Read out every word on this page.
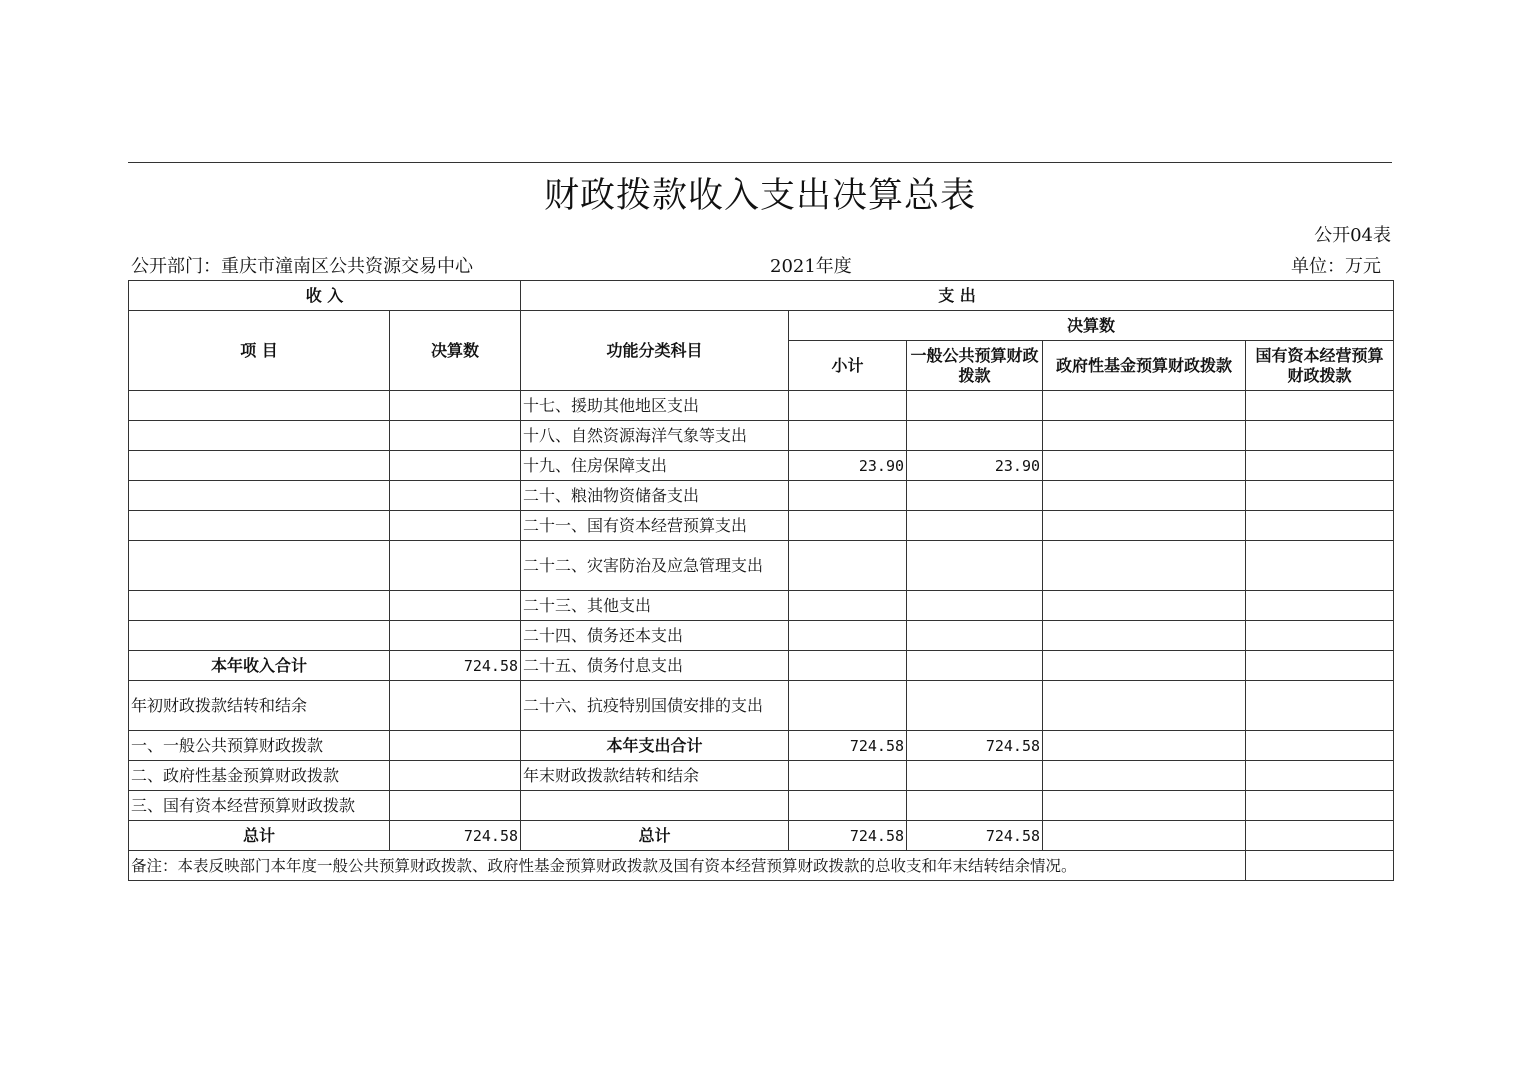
财政拨款收入支出决算总表
公开04表
公开部门：重庆市潼南区公共资源交易中心	2021年度	单位：万元
收 入		支 出				
项 目	决算数	功能分类科目	决算数			
			小计	一般公共预算财政拨款	政府性基金预算财政拨款	国有资本经营预算财政拨款
		十七、援助其他地区支出				
		十八、自然资源海洋气象等支出				
		十九、住房保障支出	23.90	23.90		
		二十、粮油物资储备支出				
		二十一、国有资本经营预算支出				
		二十二、灾害防治及应急管理支出				
		二十三、其他支出				
		二十四、债务还本支出				
本年收入合计	724.58	二十五、债务付息支出				
年初财政拨款结转和结余		二十六、抗疫特别国债安排的支出				
一、一般公共预算财政拨款		本年支出合计	724.58	724.58		
二、政府性基金预算财政拨款		年末财政拨款结转和结余				
三、国有资本经营预算财政拨款						
总计	724.58	总计	724.58	724.58		
备注：本表反映部门本年度一般公共预算财政拨款、政府性基金预算财政拨款及国有资本经营预算财政拨款的总收支和年末结转结余情况。						
